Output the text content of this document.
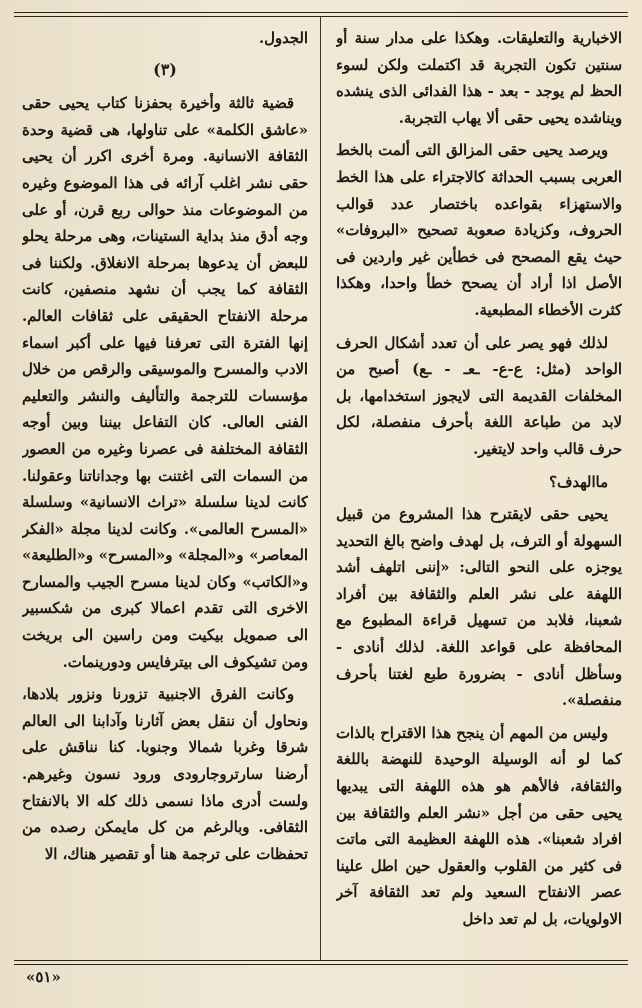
الاخبارية والتعليقات. وهكذا على مدار سنة أو سنتين تكون التجربة قد اكتملت ولكن لسوء الحظ لم يوجد - بعد - هذا الفدائى الذى ينشده ويناشده يحيى حقى ألا يهاب التجربة.

ويرصد يحيى حقى المزالق التى ألمت بالخط العربى بسبب الحداثة كالاجتراء على هذا الخط والاستهزاء بقواعده باختصار عدد قوالب الحروف، وكزيادة صعوبة تصحيح «البروفات» حيث يقع المصحح فى خطأين غير واردين فى الأصل اذا أراد أن يصحح خطأ واحدا، وهكذا كثرت الأخطاء المطبعية.

لذلك فهو يصر على أن تعدد أشكال الحرف الواحد (مثل: ع-ع- ـعـ - ـع) أصبح من المخلفات القديمة التى لايجوز استخدامها، بل لابد من طباعة اللغة بأحرف منفصلة، لكل حرف قالب واحد لايتغير.

ماالهدف؟

يحيى حقى لايقترح هذا المشروع من قبيل السهولة أو الترف، بل لهدف واضح بالغ التحديد يوجزه على النحو التالى: «إننى اتلهف أشد اللهفة على نشر العلم والثقافة بين أفراد شعبنا، فلابد من تسهيل قراءة المطبوع مع المحافظة على قواعد اللغة. لذلك أنادى - وسأظل أنادى - بضرورة طبع لغتنا بأحرف منفصلة».

وليس من المهم أن ينجح هذا الاقتراح بالذات كما لو أنه الوسيلة الوحيدة للنهضة باللغة والثقافة، فالأهم هو هذه اللهفة التى يبديها يحيى حقى من أجل «نشر العلم والثقافة بين افراد شعبنا». هذه اللهفة العظيمة التى ماتت فى كثير من القلوب والعقول حين اطل علينا عصر الانفتاح السعيد ولم تعد الثقافة آخر الاولويات، بل لم تعد داخل

الجدول.

(٣)

قضية ثالثة وأخيرة بحفزنا كتاب يحيى حقى «عاشق الكلمة» على تناولها، هى قضية وحدة الثقافة الانسانية. ومرة أخرى اكرر أن يحيى حقى نشر اغلب آرائه فى هذا الموضوع وغيره من الموضوعات منذ حوالى ربع قرن، أو على وجه أدق منذ بداية الستينات، وهى مرحلة يحلو للبعض أن يدعوها بمرحلة الانغلاق. ولكننا فى الثقافة كما يجب أن نشهد منصفين، كانت مرحلة الانفتاح الحقيقى على ثقافات العالم. إنها الفترة التى تعرفنا فيها على أكبر اسماء الادب والمسرح والموسيقى والرقص من خلال مؤسسات للترجمة والتأليف والنشر والتعليم الفنى العالى. كان التفاعل بيننا وبين أوجه الثقافة المختلفة فى عصرنا وغيره من العصور من السمات التى اغتنت بها وجداناتنا وعقولنا. كانت لدينا سلسلة «تراث الانسانية» وسلسلة «المسرح العالمى». وكانت لدينا مجلة «الفكر المعاصر» و«المجلة» و«المسرح» و«الطليعة» و«الكاتب» وكان لدينا مسرح الجيب والمسارح الاخرى التى تقدم اعمالا كبرى من شكسبير الى صمويل بيكيت ومن راسين الى بريخت ومن تشيكوف الى بيترفايس ودورينمات.

وكانت الفرق الاجنبية تزورنا ونزور بلادها، ونحاول أن ننقل بعض آثارنا وآدابنا الى العالم شرقا وغربا شمالا وجنوبا. كنا نناقش على أرضنا سارتروجارودى ورود نسون وغيرهم. ولست أدرى ماذا نسمى ذلك كله الا بالانفتاح الثقافى. وبالرغم من كل مايمكن رصده من تحفظات على ترجمة هنا أو تقصير هناك، الا

«٥١»
